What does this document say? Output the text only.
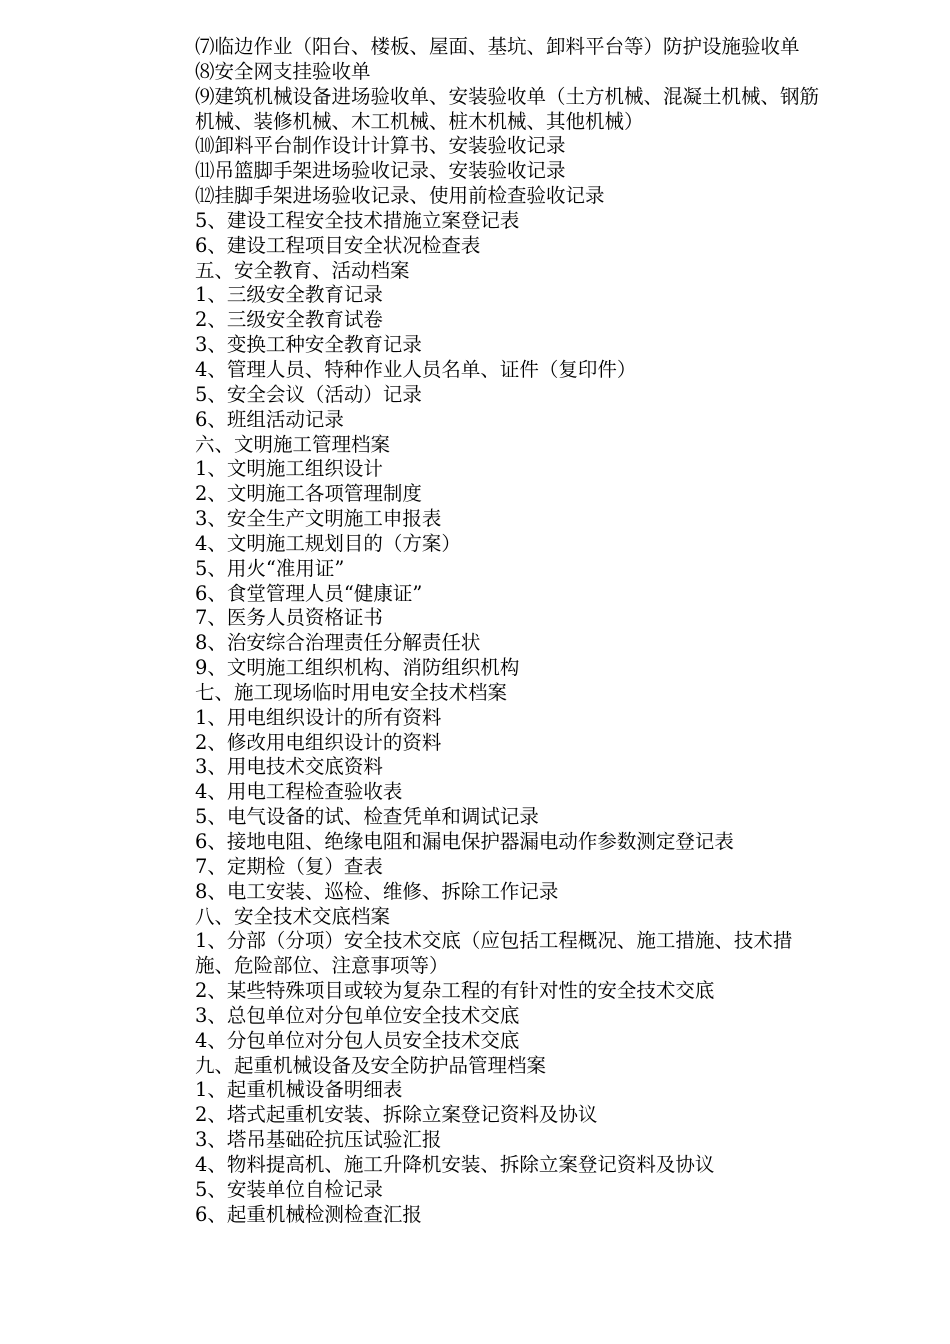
⑺临边作业（阳台、楼板、屋面、基坑、卸料平台等）防护设施验收单

⑻安全网支挂验收单

⑼建筑机械设备进场验收单、安装验收单（土方机械、混凝土机械、钢筋机械、装修机械、木工机械、桩木机械、其他机械）

⑽卸料平台制作设计计算书、安装验收记录

⑾吊篮脚手架进场验收记录、安装验收记录

⑿挂脚手架进场验收记录、使用前检查验收记录

5、建设工程安全技术措施立案登记表

6、建设工程项目安全状况检查表

五、安全教育、活动档案

1、三级安全教育记录

2、三级安全教育试卷

3、变换工种安全教育记录

4、管理人员、特种作业人员名单、证件（复印件）

5、安全会议（活动）记录

6、班组活动记录

六、文明施工管理档案

1、文明施工组织设计

2、文明施工各项管理制度

3、安全生产文明施工申报表

4、文明施工规划目的（方案）

5、用火“准用证”

6、食堂管理人员“健康证”

7、医务人员资格证书

8、治安综合治理责任分解责任状

9、文明施工组织机构、消防组织机构

七、施工现场临时用电安全技术档案

1、用电组织设计的所有资料

2、修改用电组织设计的资料

3、用电技术交底资料

4、用电工程检查验收表

5、电气设备的试、检查凭单和调试记录

6、接地电阻、绝缘电阻和漏电保护器漏电动作参数测定登记表

7、定期检（复）查表

8、电工安装、巡检、维修、拆除工作记录

八、安全技术交底档案

1、分部（分项）安全技术交底（应包括工程概况、施工措施、技术措施、危险部位、注意事项等）

2、某些特殊项目或较为复杂工程的有针对性的安全技术交底

3、总包单位对分包单位安全技术交底

4、分包单位对分包人员安全技术交底

九、起重机械设备及安全防护品管理档案

1、起重机械设备明细表

2、塔式起重机安装、拆除立案登记资料及协议

3、塔吊基础砼抗压试验汇报

4、物料提高机、施工升降机安装、拆除立案登记资料及协议

5、安装单位自检记录

6、起重机械检测检查汇报
